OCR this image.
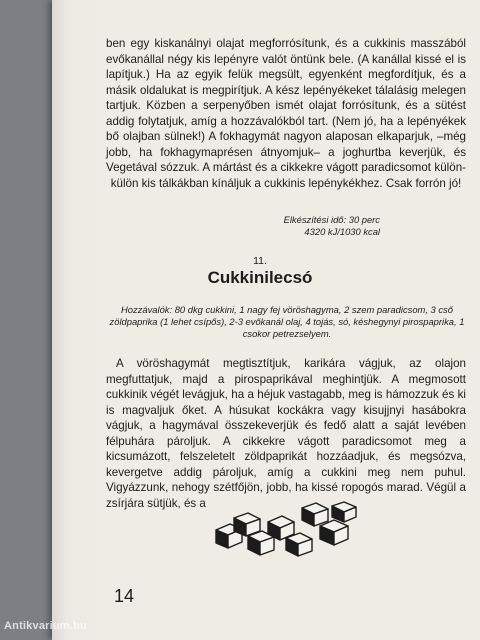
ben egy kiskanálnyi olajat megforrósítunk, és a cukkinis masszából evőkanállal négy kis lepényre valót öntünk bele. (A kanállal kissé el is lapítjuk.) Ha az egyik felük megsült, egyenként megfordítjuk, és a másik oldalukat is megpirítjuk. A kész lepényékeket tálalásig melegen tartjuk. Közben a serpenyőben ismét olajat forrósítunk, és a sütést addig folytatjuk, amíg a hozzávalókból tart. (Nem jó, ha a lepényékek bő olajban sülnek!) A fokhagymát nagyon alaposan elkaparjuk, –még jobb, ha fokhagymaprésen átnyomjuk– a joghurtba keverjük, és Vegetával sózzuk. A mártást és a cikkekre vágott paradicsomot külön-külön kis tálkákban kínáljuk a cukkinis lepénykékhez. Csak forrón jó!
Elkészítési idő: 30 perc
4320 kJ/1030 kcal
11.
Cukkinilecsó
Hozzávalók: 80 dkg cukkini, 1 nagy fej vöröshagyma, 2 szem paradicsom, 3 cső zöldpaprika (1 lehet csípős), 2-3 evőkanál olaj, 4 tojás, só, késhegynyi pirospaprika, 1 csokor petrezselyem.
A vöröshagymát megtisztítjuk, karikára vágjuk, az olajon megfuttatjuk, majd a pirospaprikával meghintjük. A megmosott cukkinik végét levágjuk, ha a héjuk vastagabb, meg is hámozzuk és ki is magvaljuk őket. A húsukat kockákra vagy kisujjnyi hasábokra vágjuk, a hagymával összekeverjük és fedő alatt a saját levében félpuhára pároljuk. A cikkekre vágott paradicsomot meg a kicsumázott, felszeletelt zöldpaprikát hozzáadjuk, és megsózva, kevergetve addig pároljuk, amíg a cukkini meg nem puhul. Vigyázzunk, nehogy szétfőjön, jobb, ha kissé ropogós marad. Végül a zsírjára sütjük, és a
14
Antikvarium.hu
